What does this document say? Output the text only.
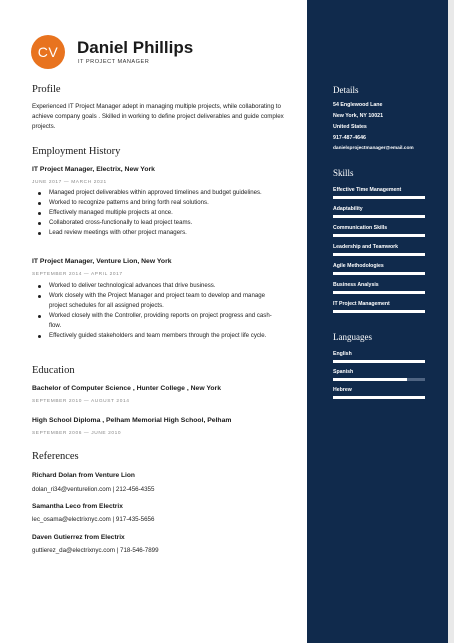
CV	Daniel Phillips
IT PROJECT MANAGER
Profile
Experienced IT Project Manager adept in managing multiple projects, while collaborating to achieve company goals . Skilled in working to define project deliverables and guide complex projects.
Employment History
IT Project Manager, Electrix, New York
JUNE 2017 — MARCH 2021
Managed project deliverables within approved timelines and budget guidelines.
Worked to recognize patterns and bring forth real solutions.
Effectively managed multiple projects at once.
Collaborated cross-functionally to lead project teams.
Lead review meetings with other project managers.
IT Project Manager, Venture Lion, New York
SEPTEMBER 2014 — APRIL 2017
Worked to deliver technological advances that drive business.
Work closely with the Project Manager and project team to develop and manage project schedules for all assigned projects.
Worked closely with the Controller, providing reports on project progress and cash-flow.
Effectively guided stakeholders and team members through the project life cycle.
Education
Bachelor of Computer Science , Hunter College , New York
SEPTEMBER 2010 — AUGUST 2014
High School Diploma , Pelham Memorial High School, Pelham
SEPTEMBER 2006 — JUNE 2010
References
Richard Dolan from Venture Lion
dolan_ri34@venturelion.com | 212-456-4355
Samantha Leco from Electrix
lec_osama@electrixnyc.com | 917-435-5656
Daven Gutierrez from Electrix
guttierez_da@electrixnyc.com | 718-546-7899
Details
54 Englewood Lane
New York, NY 10021
United States
917-487-4646
danielsprojectmanager@email.com
Skills
Effective Time Management
Adaptability
Communication Skills
Leadership and Teamwork
Agile Methodologies
Business Analysis
IT Project Management
Languages
English
Spanish
Hebrew
